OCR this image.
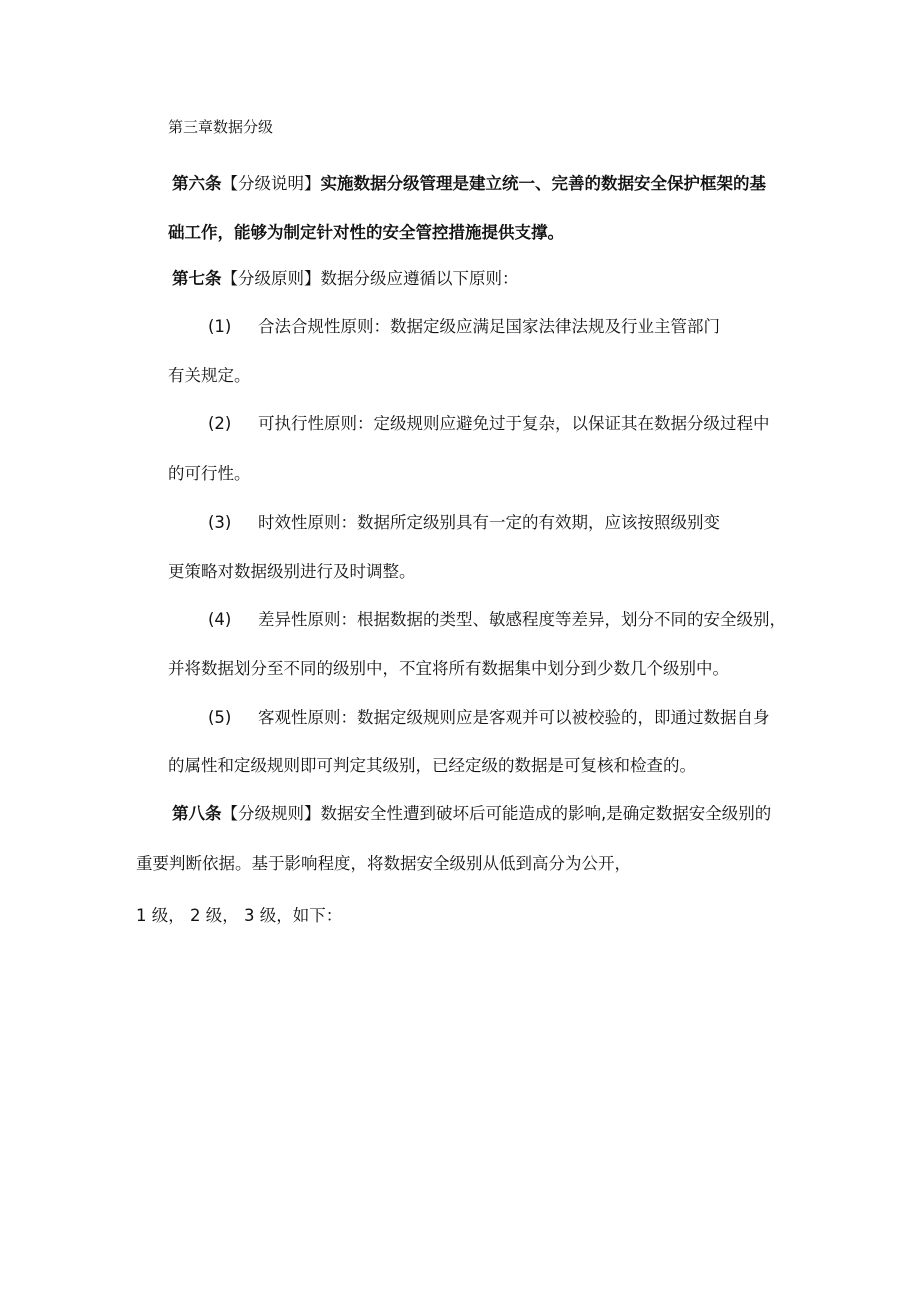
第三章数据分级
第六条【分级说明】实施数据分级管理是建立统一、完善的数据安全保护框架的基
础工作，能够为制定针对性的安全管控措施提供支撑。
第七条【分级原则】数据分级应遵循以下原则：
(1) 合法合规性原则：数据定级应满足国家法律法规及行业主管部门
有关规定。
(2) 可执行性原则：定级规则应避免过于复杂，以保证其在数据分级过程中
的可行性。
(3) 时效性原则：数据所定级别具有一定的有效期，应该按照级别变
更策略对数据级别进行及时调整。
(4) 差异性原则：根据数据的类型、敏感程度等差异，划分不同的安全级别，
并将数据划分至不同的级别中，不宜将所有数据集中划分到少数几个级别中。
(5) 客观性原则：数据定级规则应是客观并可以被校验的，即通过数据自身
的属性和定级规则即可判定其级别，已经定级的数据是可复核和检查的。
第八条【分级规则】数据安全性遭到破坏后可能造成的影响,是确定数据安全级别的
重要判断依据。基于影响程度，将数据安全级别从低到高分为公开，
1 级， 2 级， 3 级，如下：
